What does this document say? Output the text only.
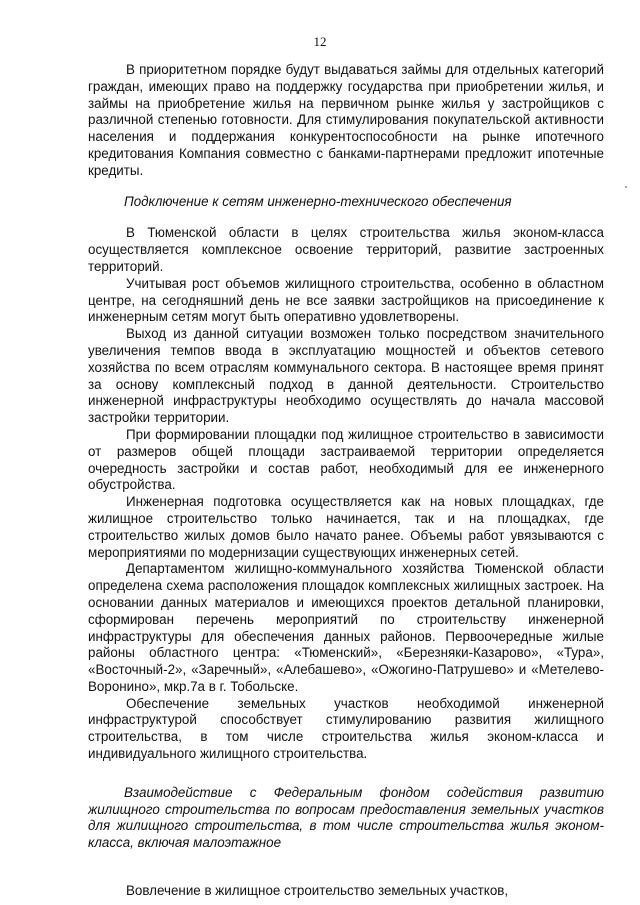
12

В приоритетном порядке будут выдаваться займы для отдельных категорий граждан, имеющих право на поддержку государства при приобретении жилья, и займы на приобретение жилья на первичном рынке жилья у застройщиков с различной степенью готовности. Для стимулирования покупательской активности населения и поддержания конкурентоспособности на рынке ипотечного кредитования Компания совместно с банками-партнерами предложит ипотечные кредиты.

Подключение к сетям инженерно-технического обеспечения

В Тюменской области в целях строительства жилья эконом-класса осуществляется комплексное освоение территорий, развитие застроенных территорий.

Учитывая рост объемов жилищного строительства, особенно в областном центре, на сегодняшний день не все заявки застройщиков на присоединение к инженерным сетям могут быть оперативно удовлетворены.

Выход из данной ситуации возможен только посредством значительного увеличения темпов ввода в эксплуатацию мощностей и объектов сетевого хозяйства по всем отраслям коммунального сектора. В настоящее время принят за основу комплексный подход в данной деятельности. Строительство инженерной инфраструктуры необходимо осуществлять до начала массовой застройки территории.

При формировании площадки под жилищное строительство в зависимости от размеров общей площади застраиваемой территории определяется очередность застройки и состав работ, необходимый для ее инженерного обустройства.

Инженерная подготовка осуществляется как на новых площадках, где жилищное строительство только начинается, так и на площадках, где строительство жилых домов было начато ранее. Объемы работ увязываются с мероприятиями по модернизации существующих инженерных сетей.

Департаментом жилищно-коммунального хозяйства Тюменской области определена схема расположения площадок комплексных жилищных застроек. На основании данных материалов и имеющихся проектов детальной планировки, сформирован перечень мероприятий по строительству инженерной инфраструктуры для обеспечения данных районов. Первоочередные жилые районы областного центра: «Тюменский», «Березняки-Казарово», «Тура», «Восточный-2», «Заречный», «Алебашево», «Ожогино-Патрушево» и «Метелево-Воронино», мкр.7а в г. Тобольске.

Обеспечение земельных участков необходимой инженерной инфраструктурой способствует стимулированию развития жилищного строительства, в том числе строительства жилья эконом-класса и индивидуального жилищного строительства.

Взаимодействие с Федеральным фондом содействия развитию жилищного строительства по вопросам предоставления земельных участков для жилищного строительства, в том числе строительства жилья эконом-класса, включая малоэтажное

Вовлечение в жилищное строительство земельных участков,
